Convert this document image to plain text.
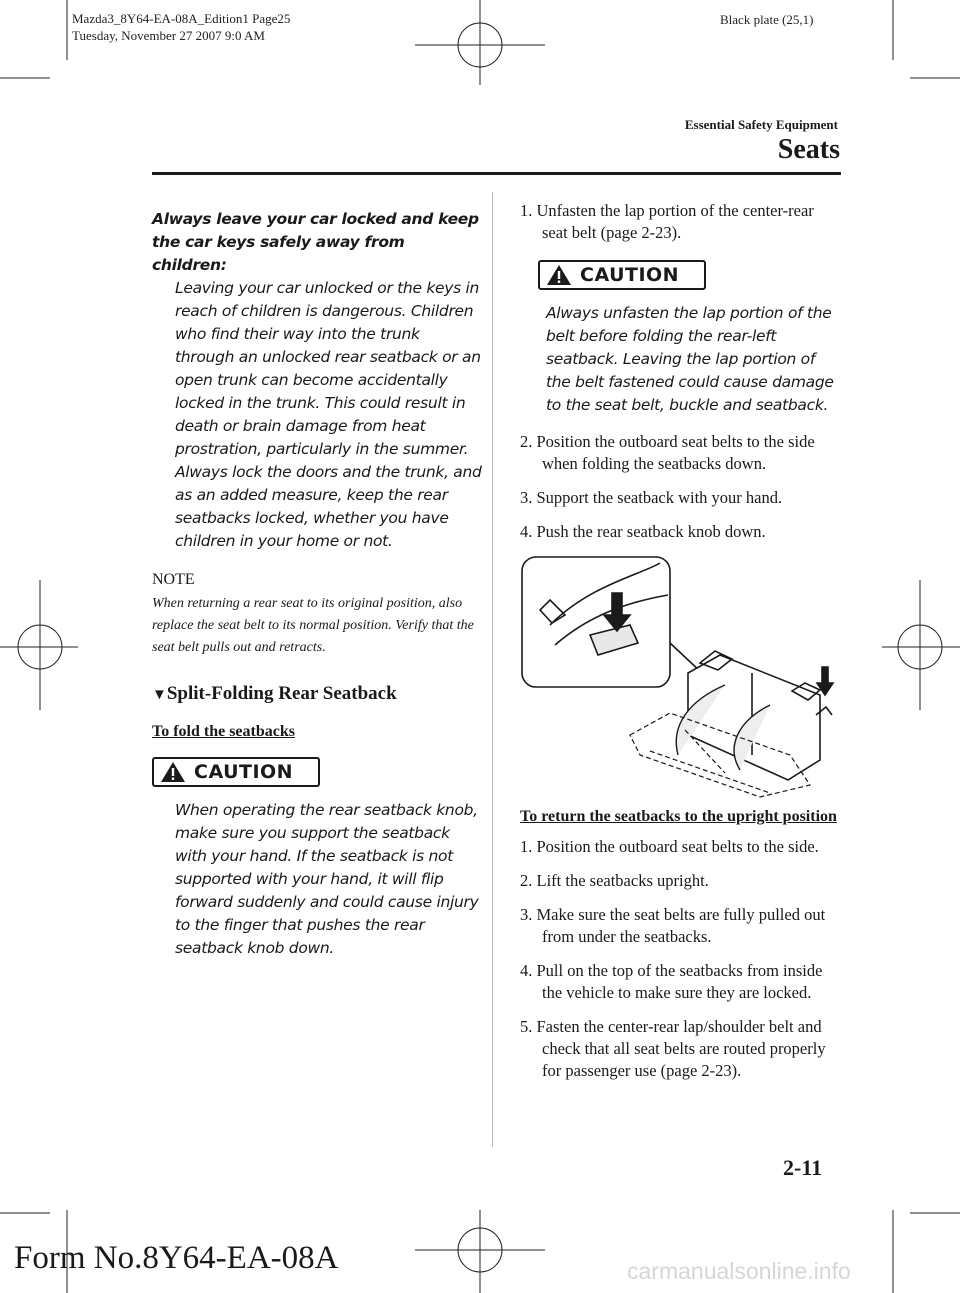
Mazda3_8Y64-EA-08A_Edition1 Page25
Tuesday, November 27 2007 9:0 AM
Black plate (25,1)
Essential Safety Equipment
Seats
Always leave your car locked and keep the car keys safely away from children:
Leaving your car unlocked or the keys in reach of children is dangerous. Children who find their way into the trunk through an unlocked rear seatback or an open trunk can become accidentally locked in the trunk. This could result in death or brain damage from heat prostration, particularly in the summer. Always lock the doors and the trunk, and as an added measure, keep the rear seatbacks locked, whether you have children in your home or not.
NOTE
When returning a rear seat to its original position, also replace the seat belt to its normal position. Verify that the seat belt pulls out and retracts.
▼Split-Folding Rear Seatback
To fold the seatbacks
CAUTION
When operating the rear seatback knob, make sure you support the seatback with your hand. If the seatback is not supported with your hand, it will flip forward suddenly and could cause injury to the finger that pushes the rear seatback knob down.

1. Unfasten the lap portion of the center-rear seat belt (page 2-23).

CAUTION
Always unfasten the lap portion of the belt before folding the rear-left seatback. Leaving the lap portion of the belt fastened could cause damage to the seat belt, buckle and seatback.

2. Position the outboard seat belts to the side when folding the seatbacks down.

3. Support the seatback with your hand.

4. Push the rear seatback knob down.

To return the seatbacks to the upright position

1. Position the outboard seat belts to the side.

2. Lift the seatbacks upright.

3. Make sure the seat belts are fully pulled out from under the seatbacks.

4. Pull on the top of the seatbacks from inside the vehicle to make sure they are locked.

5. Fasten the center-rear lap/shoulder belt and check that all seat belts are routed properly for passenger use (page 2-23).

2-11
Form No.8Y64-EA-08A	carmanualsonline.info
